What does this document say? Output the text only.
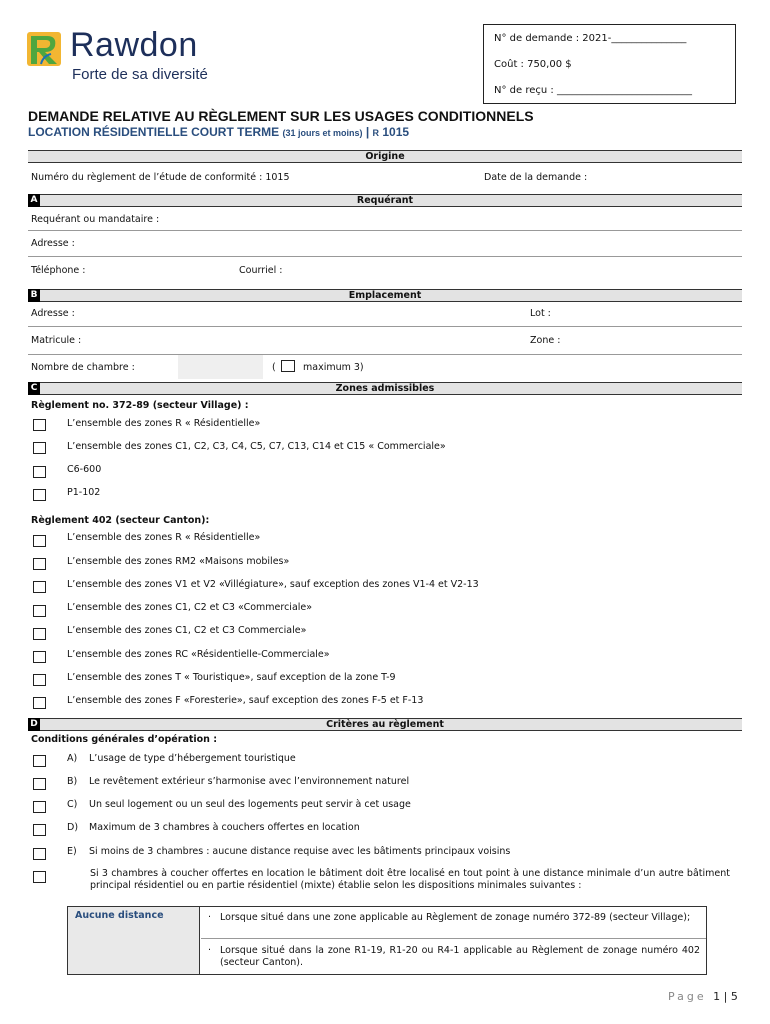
Rawdon
Forte de sa diversité
N° de demande : 2021-_______________
Coût : 750,00 $
N° de reçu : ___________________________
DEMANDE RELATIVE AU RÈGLEMENT SUR LES USAGES CONDITIONNELS
LOCATION RÉSIDENTIELLE COURT TERME (31 jours et moins) | R 1015
Origine
Numéro du règlement de l’étude de conformité : 1015	Date de la demande :
A	Requérant
Requérant ou mandataire :
Adresse :
Téléphone :	Courriel :
B	Emplacement
Adresse :	Lot :
Matricule :	Zone :
Nombre de chambre :	(	maximum 3)
C	Zones admissibles
Règlement no. 372-89 (secteur Village) :
L’ensemble des zones R « Résidentielle»
L’ensemble des zones C1, C2, C3, C4, C5, C7, C13, C14 et C15 « Commerciale»
C6-600
P1-102
Règlement 402 (secteur Canton):
L’ensemble des zones R « Résidentielle»
L’ensemble des zones RM2 «Maisons mobiles»
L’ensemble des zones V1 et V2 «Villégiature», sauf exception des zones V1-4 et V2-13
L’ensemble des zones C1, C2 et C3 «Commerciale»
L’ensemble des zones C1, C2 et C3 Commerciale»
L’ensemble des zones RC «Résidentielle-Commerciale»
L’ensemble des zones T « Touristique», sauf exception de la zone T-9
L’ensemble des zones F «Foresterie», sauf exception des zones F-5 et F-13
D	Critères au règlement
Conditions générales d’opération :
A) L’usage de type d’hébergement touristique
B) Le revêtement extérieur s’harmonise avec l’environnement naturel
C) Un seul logement ou un seul des logements peut servir à cet usage
D) Maximum de 3 chambres à couchers offertes en location
E) Si moins de 3 chambres : aucune distance requise avec les bâtiments principaux voisins
Si 3 chambres à coucher offertes en location le bâtiment doit être localisé en tout point à une distance minimale d’un autre bâtiment principal résidentiel ou en partie résidentiel (mixte) établie selon les dispositions minimales suivantes :
Aucune distance	· Lorsque situé dans une zone applicable au Règlement de zonage numéro 372-89 (secteur Village);
· Lorsque situé dans la zone R1-19, R1-20 ou R4-1 applicable au Règlement de zonage numéro 402 (secteur Canton).
Page 1 | 5
